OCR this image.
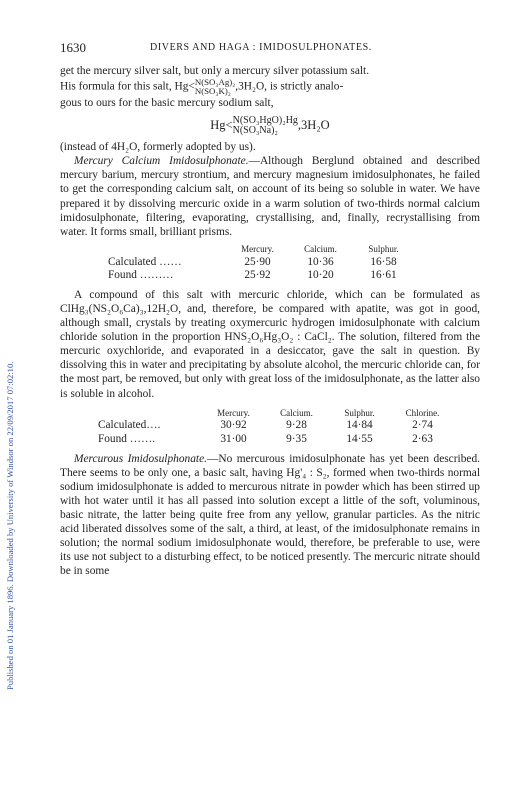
Published on 01 January 1896. Downloaded by University of Windsor on 22/09/2017 07:02:10.
1630	DIVERS AND HAGA : IMIDOSULPHONATES.

get the mercury silver salt, but only a mercury silver potassium salt.
His formula for this salt, Hg<N(SO₃Ag)₂
N(SO₃K)₂ ,3H₂O, is strictly analo-
gous to ours for the basic mercury sodium salt,

Hg<N(SO₃HgO)₂Hg
N(SO₃Na)₂ ,3H₂O

(instead of 4H₂O, formerly adopted by us).

Mercury Calcium Imidosulphonate.—Although Berglund obtained and described mercury barium, mercury strontium, and mercury magnesium imidosulphonates, he failed to get the corresponding calcium salt, on account of its being so soluble in water. We have prepared it by dissolving mercuric oxide in a warm solution of two-thirds normal calcium imidosulphonate, filtering, evaporating, crystallising, and, finally, recrystallising from water. It forms small, brilliant prisms.

	Mercury.	Calcium.	Sulphur.
Calculated ……	25·90	10·36	16·58
Found ………	25·92	10·20	16·61

A compound of this salt with mercuric chloride, which can be formulated as ClHg₃(NS₂O₆Ca)₃,12H₂O, and, therefore, be compared with apatite, was got in good, although small, crystals by treating oxymercuric hydrogen imidosulphonate with calcium chloride solution in the proportion HNS₂O₆Hg₃O₂ : CaCl₂. The solution, filtered from the mercuric oxychloride, and evaporated in a desiccator, gave the salt in question. By dissolving this in water and precipitating by absolute alcohol, the mercuric chloride can, for the most part, be removed, but only with great loss of the imidosulphonate, as the latter also is soluble in alcohol.

	Mercury.	Calcium.	Sulphur.	Chlorine.
Calculated….	30·92	9·28	14·84	2·74
Found …….	31·00	9·35	14·55	2·63

Mercurous Imidosulphonate.—No mercurous imidosulphonate has yet been described. There seems to be only one, a basic salt, having Hg'₄ : S₂, formed when two-thirds normal sodium imidosulphonate is added to mercurous nitrate in powder which has been stirred up with hot water until it has all passed into solution except a little of the soft, voluminous, basic nitrate, the latter being quite free from any yellow, granular particles. As the nitric acid liberated dissolves some of the salt, a third, at least, of the imidosulphonate remains in solution; the normal sodium imidosulphonate would, therefore, be preferable to use, were its use not subject to a disturbing effect, to be noticed presently. The mercuric nitrate should be in some
